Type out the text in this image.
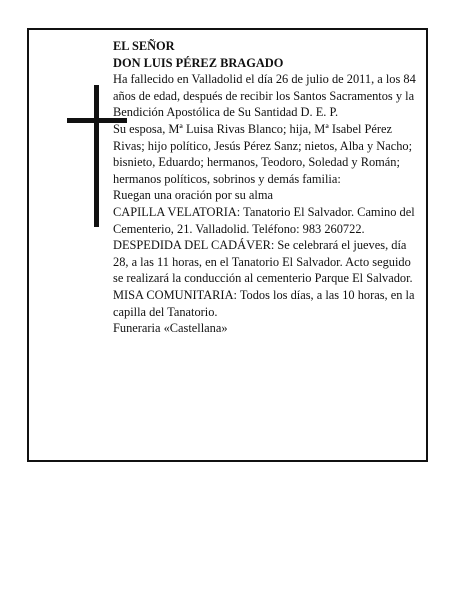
EL SEÑOR

DON LUIS PÉREZ BRAGADO

Ha fallecido en Valladolid el día 26 de julio de 2011, a los 84 años de edad, después de recibir los Santos Sacramentos y la Bendición Apostólica de Su Santidad D. E. P.

Su esposa, Mª Luisa Rivas Blanco; hija, Mª Isabel Pérez Rivas; hijo político, Jesús Pérez Sanz; nietos, Alba y Nacho; bisnieto, Eduardo; hermanos, Teodoro, Soledad y Román; hermanos políticos, sobrinos y demás familia:

Ruegan una oración por su alma

CAPILLA VELATORIA: Tanatorio El Salvador. Camino del Cementerio, 21. Valladolid. Teléfono: 983 260722.

DESPEDIDA DEL CADÁVER: Se celebrará el jueves, día 28, a las 11 horas, en el Tanatorio El Salvador. Acto seguido se realizará la conducción al cementerio Parque El Salvador.

MISA COMUNITARIA: Todos los días, a las 10 horas, en la capilla del Tanatorio.

Funeraria «Castellana»
